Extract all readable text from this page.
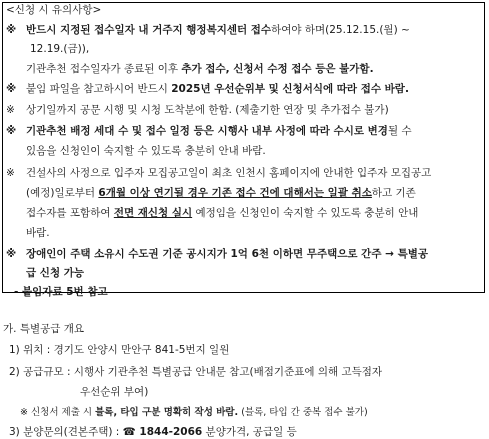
<신청 시 유의사항>
※ 반드시 지정된 접수일자 내 거주지 행정복지센터 접수하여야 하며(25.12.15.(월) ~
12.19.(금)),
기관추천 접수일자가 종료된 이후 추가 접수, 신청서 수정 접수 등은 불가함.
※ 붙임 파일을 참고하시어 반드시 2025년 우선순위부 및 신청서식에 따라 접수 바람.
※ 상기일까지 공문 시행 및 시청 도착분에 한함. (제출기한 연장 및 추가접수 불가)
※ 기관추천 배정 세대 수 및 접수 일정 등은 시행사 내부 사정에 따라 수시로 변경될 수
있음을 신청인이 숙지할 수 있도록 충분히 안내 바람.
※ 건설사의 사정으로 입주자 모집공고일이 최초 인천시 홈페이지에 안내한 입주자 모집공고
(예정)일로부터 6개월 이상 연기될 경우 기존 접수 건에 대해서는 일괄 취소하고 기존
접수자를 포함하여 전면 재신청 실시 예정임을 신청인이 숙지할 수 있도록 충분히 안내
바람.
※ 장애인이 주택 소유시 수도권 기준 공시지가 1억 6천 이하면 무주택으로 간주 → 특별공
급 신청 가능
- 붙임자료 5번 참고
가. 특별공급 개요
1) 위치 : 경기도 안양시 만안구 841-5번지 일원
2) 공급규모 : 시행사 기관추천 특별공급 안내문 참고(배점기준표에 의해 고득점자
우선순위 부여)
※ 신청서 제출 시 블록, 타입 구분 명확히 작성 바람. (블록, 타입 간 중복 접수 불가)
3) 분양문의(견본주택) : ☎ 1844-2066 분양가격, 공급일 등
